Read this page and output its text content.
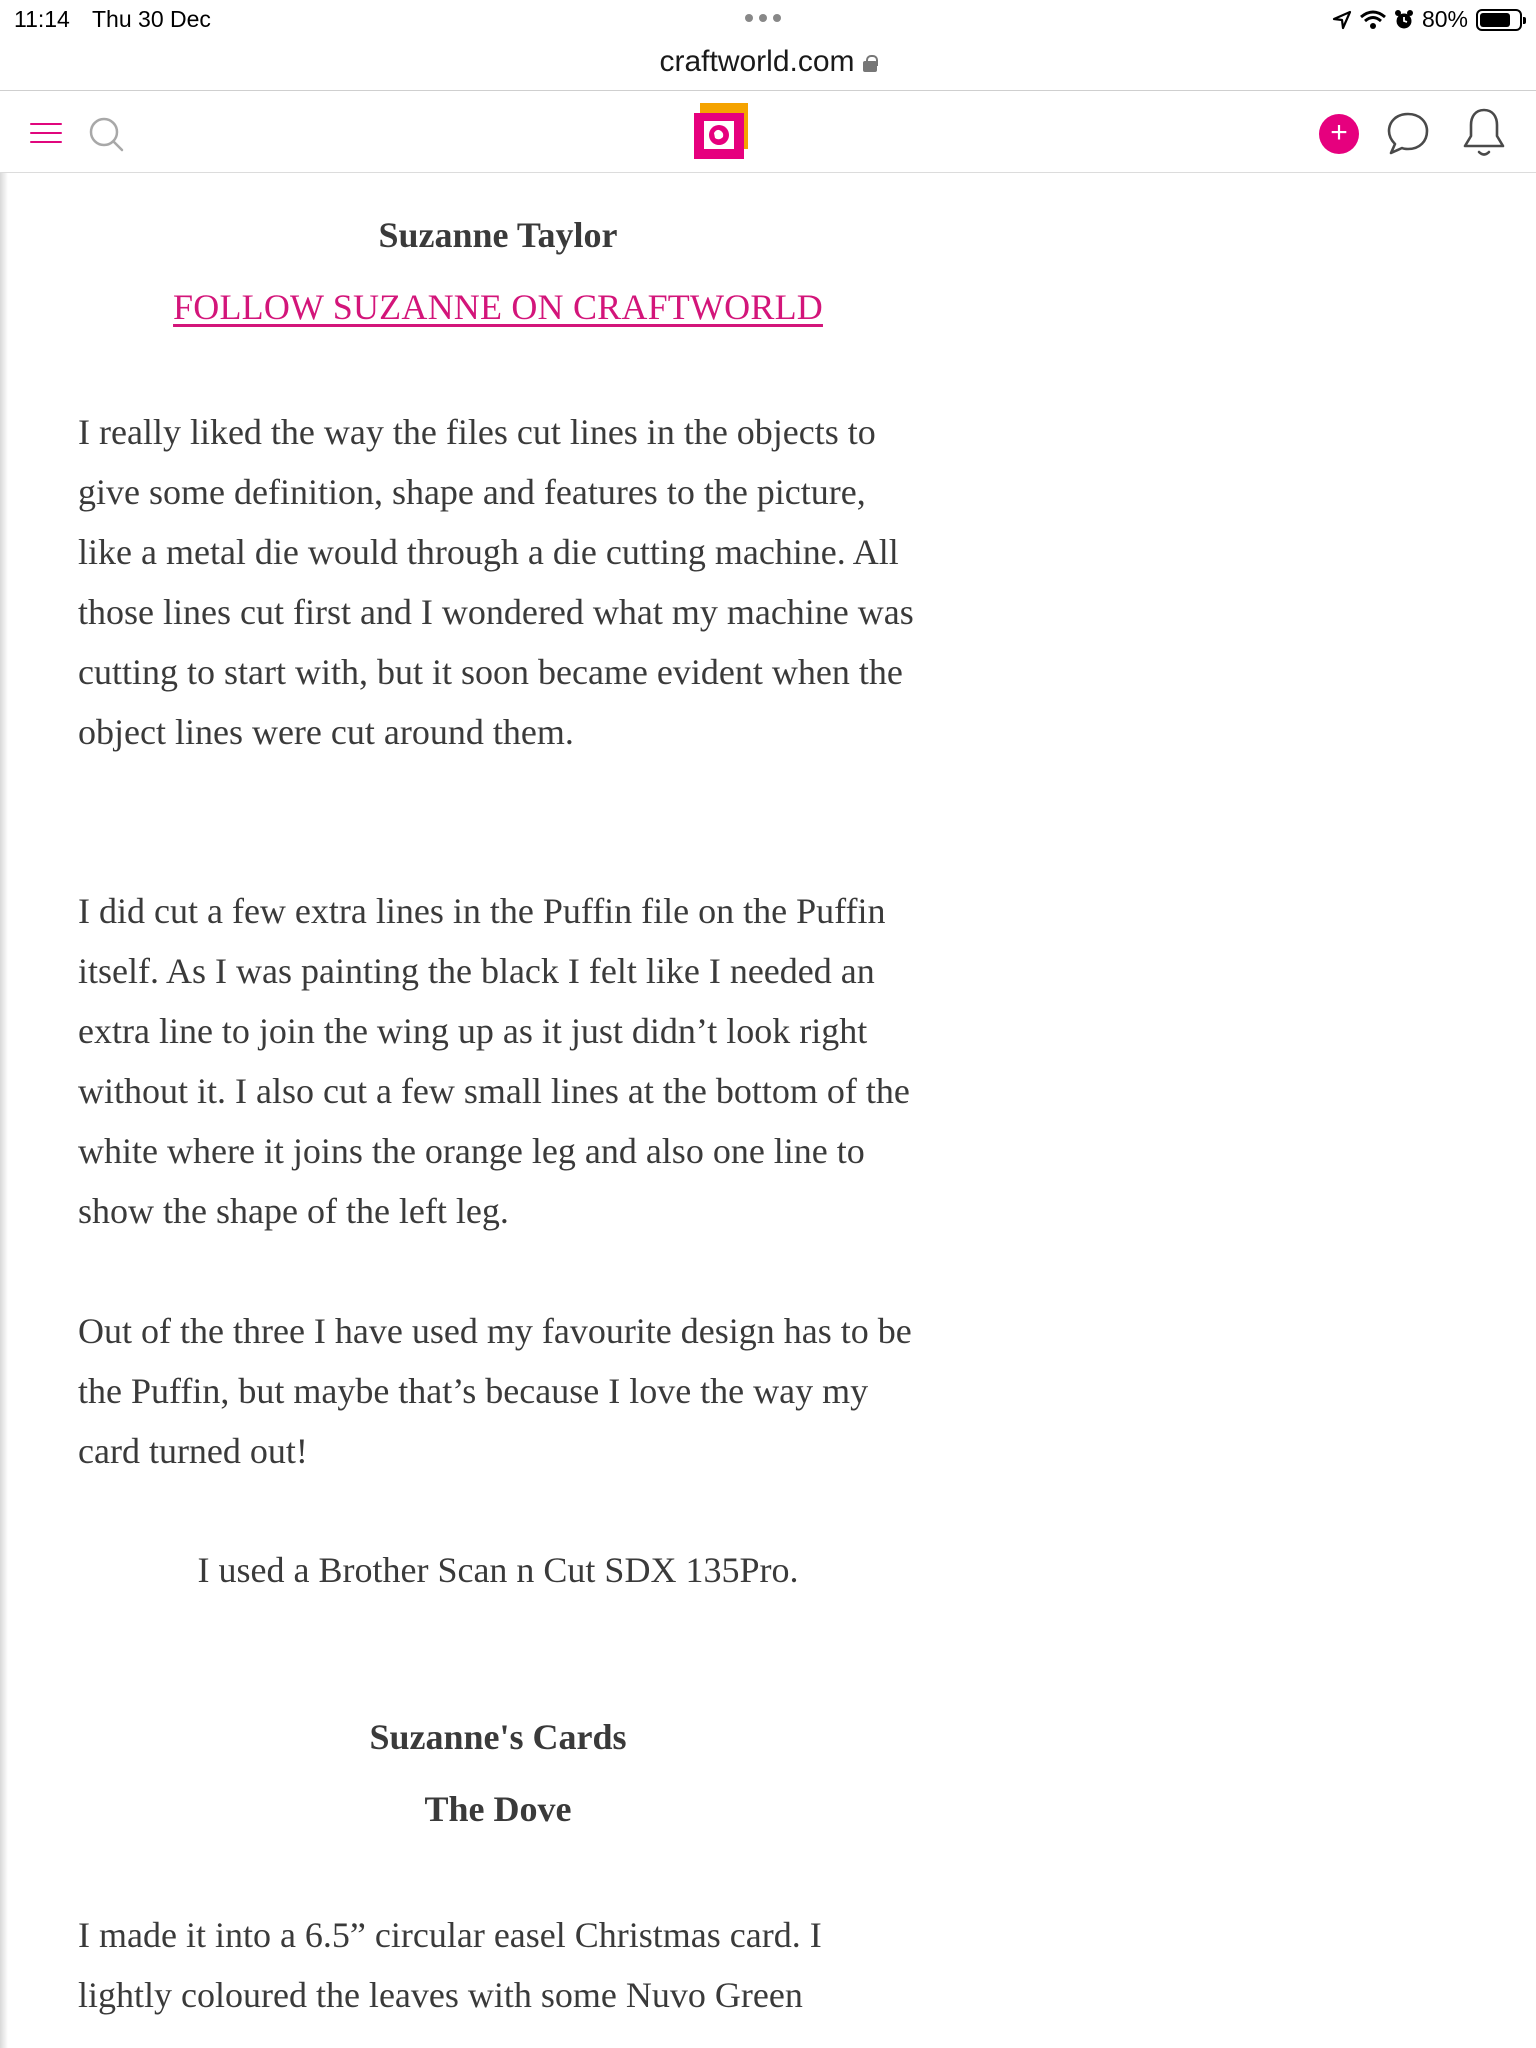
11:14 Thu 30 Dec	80%
craftworld.com
+
Suzanne Taylor
FOLLOW SUZANNE ON CRAFTWORLD

I really liked the way the files cut lines in the objects to give some definition, shape and features to the picture, like a metal die would through a die cutting machine. All those lines cut first and I wondered what my machine was cutting to start with, but it soon became evident when the object lines were cut around them.

I did cut a few extra lines in the Puffin file on the Puffin itself. As I was painting the black I felt like I needed an extra line to join the wing up as it just didn’t look right without it. I also cut a few small lines at the bottom of the white where it joins the orange leg and also one line to show the shape of the left leg.

Out of the three I have used my favourite design has to be the Puffin, but maybe that’s because I love the way my card turned out!

I used a Brother Scan n Cut SDX 135Pro.

Suzanne's Cards
The Dove

I made it into a 6.5” circular easel Christmas card. I lightly coloured the leaves with some Nuvo Green
